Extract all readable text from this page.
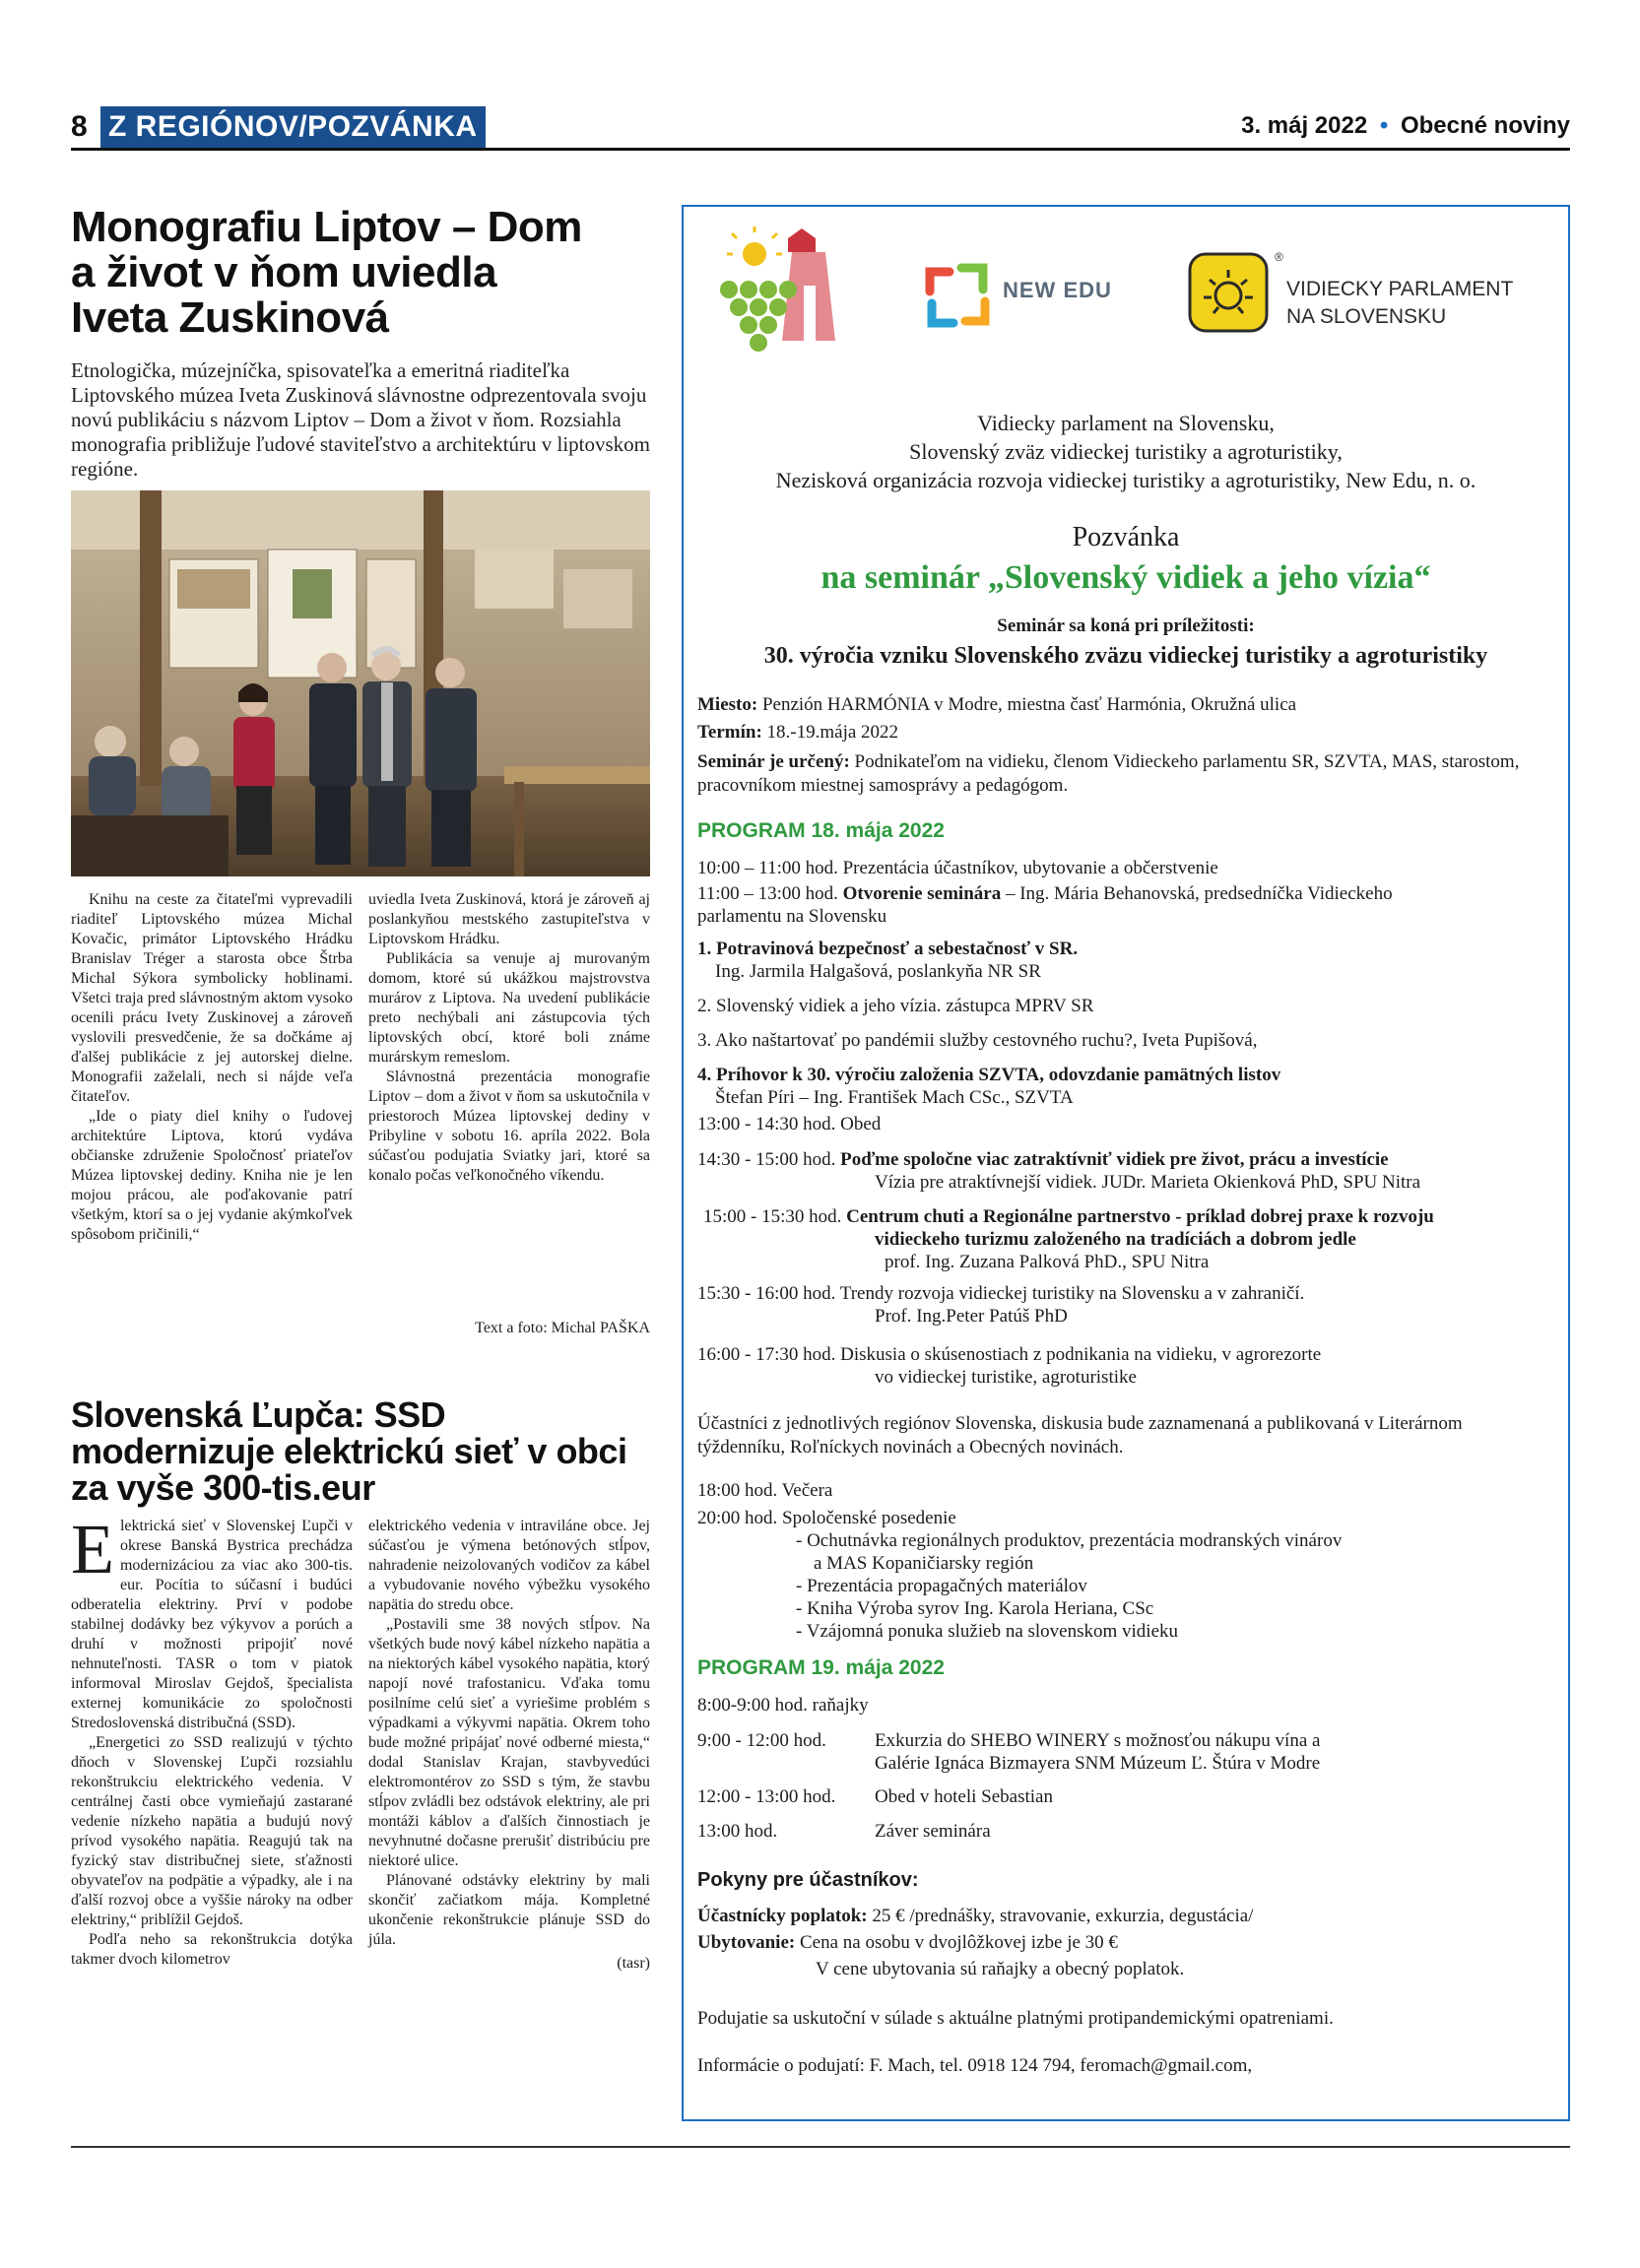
8 Z REGIÓNOV/POZVÁNKA	3. máj 2022 • Obecné noviny
Monografiu Liptov – Dom
a život v ňom uviedla
Iveta Zuskinová

Etnologička, múzejníčka, spisovateľka a emeritná riaditeľka Liptovského múzea Iveta Zuskinová slávnostne odprezentovala svoju novú publikáciu s názvom Liptov – Dom a život v ňom. Rozsiahla monografia približuje ľudové staviteľstvo a architektúru v liptovskom regióne.

Knihu na ceste za čitateľmi vyprevadili riaditeľ Liptovského múzea Michal Kovačic, primátor Liptovského Hrádku Branislav Tréger a starosta obce Štrba Michal Sýkora symbolicky hoblinami. Všetci traja pred slávnostným aktom vysoko ocenili prácu Ivety Zuskinovej a zároveň vyslovili presvedčenie, že sa dočkáme aj ďalšej publikácie z jej autorskej dielne. Monografii zaželali, nech si nájde veľa čitateľov.

„Ide o piaty diel knihy o ľudovej architektúre Liptova, ktorú vydáva občianske združenie Spoločnosť priateľov Múzea liptovskej dediny. Kniha nie je len mojou prácou, ale poďakovanie patrí všetkým, ktorí sa o jej vydanie akýmkoľvek spôsobom pričinili,“

uviedla Iveta Zuskinová, ktorá je zároveň aj poslankyňou mestského zastupiteľstva v Liptovskom Hrádku.

Publikácia sa venuje aj murovaným domom, ktoré sú ukážkou majstrovstva murárov z Liptova. Na uvedení publikácie preto nechýbali ani zástupcovia tých liptovských obcí, ktoré boli známe murárskym remeslom.

Slávnostná prezentácia monografie Liptov – dom a život v ňom sa uskutočnila v priestoroch Múzea liptovskej dediny v Pribyline v sobotu 16. apríla 2022. Bola súčasťou podujatia Sviatky jari, ktoré sa konalo počas veľkonočného víkendu.

Text a foto: Michal PAŠKA
Slovenská Ľupča: SSD
modernizuje elektrickú sieť v obci
za vyše 300-tis.eur

Elektrická sieť v Slovenskej Ľupči v okrese Banská Bystrica prechádza modernizáciou za viac ako 300-tis. eur. Pocítia to súčasní i budúci odberatelia elektriny. Prví v podobe stabilnej dodávky bez výkyvov a porúch a druhí v možnosti pripojiť nové nehnuteľnosti. TASR o tom v piatok informoval Miroslav Gejdoš, špecialista externej komunikácie zo spoločnosti Stredoslovenská distribučná (SSD).

„Energetici zo SSD realizujú v týchto dňoch v Slovenskej Ľupči rozsiahlu rekonštrukciu elektrického vedenia. V centrálnej časti obce vymieňajú zastarané vedenie nízkeho napätia a budujú nový prívod vysokého napätia. Reagujú tak na fyzický stav distribučnej siete, sťažnosti obyvateľov na podpätie a výpadky, ale i na ďalší rozvoj obce a vyššie nároky na odber elektriny,“ priblížil Gejdoš.

Podľa neho sa rekonštrukcia dotýka takmer dvoch kilometrov

elektrického vedenia v intraviláne obce. Jej súčasťou je výmena betónových stĺpov, nahradenie neizolovaných vodičov za kábel a vybudovanie nového výbežku vysokého napätia do stredu obce.

„Postavili sme 38 nových stĺpov. Na všetkých bude nový kábel nízkeho napätia a na niektorých kábel vysokého napätia, ktorý napojí nové trafostanicu. Vďaka tomu posilníme celú sieť a vyriešime problém s výpadkami a výkyvmi napätia. Okrem toho bude možné pripájať nové odberné miesta,“ dodal Stanislav Krajan, stavbyvedúci elektromontérov zo SSD s tým, že stavbu stĺpov zvládli bez odstávok elektriny, ale pri montáži káblov a ďalších činnostiach je nevyhnutné dočasne prerušiť distribúciu pre niektoré ulice.

Plánované odstávky elektriny by mali skončiť začiatkom mája. Kompletné ukončenie rekonštrukcie plánuje SSD do júla.

(tasr)
NEW EDU
®
VIDIECKY PARLAMENT
NA SLOVENSKU
Vidiecky parlament na Slovensku,
Slovenský zväz vidieckej turistiky a agroturistiky,
Nezisková organizácia rozvoja vidieckej turistiky a agroturistiky, New Edu, n. o.
Pozvánka
na seminár „Slovenský vidiek a jeho vízia“
Seminár sa koná pri príležitosti:
30. výročia vzniku Slovenského zväzu vidieckej turistiky a agroturistiky
Miesto: Penzión HARMÓNIA v Modre, miestna časť Harmónia, Okružná ulica
Termín: 18.-19.mája 2022
Seminár je určený: Podnikateľom na vidieku, členom Vidieckeho parlamentu SR, SZVTA, MAS, starostom, pracovníkom miestnej samosprávy a pedagógom.
PROGRAM 18. mája 2022
10:00 – 11:00 hod. Prezentácia účastníkov, ubytovanie a občerstvenie
11:00 – 13:00 hod. Otvorenie seminára – Ing. Mária Behanovská, predsedníčka Vidieckeho
parlamentu na Slovensku
1. Potravinová bezpečnosť a sebestačnosť v SR.
Ing. Jarmila Halgašová, poslankyňa NR SR
2. Slovenský vidiek a jeho vízia. zástupca MPRV SR
3. Ako naštartovať po pandémii služby cestovného ruchu?, Iveta Pupišová,
4. Príhovor k 30. výročiu založenia SZVTA, odovzdanie pamätných listov
Štefan Píri – Ing. František Mach CSc., SZVTA
13:00 - 14:30 hod. Obed
14:30 - 15:00 hod. Poďme spoločne viac zatraktívniť vidiek pre život, prácu a investície
Vízia pre atraktívnejší vidiek. JUDr. Marieta Okienková PhD, SPU Nitra
15:00 - 15:30 hod. Centrum chuti a Regionálne partnerstvo - príklad dobrej praxe k rozvoju
vidieckeho turizmu založeného na tradíciách a dobrom jedle
prof. Ing. Zuzana Palková PhD., SPU Nitra
15:30 - 16:00 hod. Trendy rozvoja vidieckej turistiky na Slovensku a v zahraničí.
Prof. Ing.Peter Patúš PhD
16:00 - 17:30 hod. Diskusia o skúsenostiach z podnikania na vidieku, v agrorezorte
vo vidieckej turistike, agroturistike
Účastníci z jednotlivých regiónov Slovenska, diskusia bude zaznamenaná a publikovaná v Literárnom týždenníku, Roľníckych novinách a Obecných novinách.
18:00 hod. Večera
20:00 hod. Spoločenské posedenie
- Ochutnávka regionálnych produktov, prezentácia modranských vinárov
a MAS Kopaničiarsky región
- Prezentácia propagačných materiálov
- Kniha Výroba syrov Ing. Karola Heriana, CSc
- Vzájomná ponuka služieb na slovenskom vidieku
PROGRAM 19. mája 2022
8:00-9:00 hod. raňajky
9:00 - 12:00 hod.	Exkurzia do SHEBO WINERY s možnosťou nákupu vína a
Galérie Ignáca Bizmayera SNM Múzeum Ľ. Štúra v Modre
12:00 - 13:00 hod. Obed v hoteli Sebastian
13:00 hod.	Záver seminára
Pokyny pre účastníkov:
Účastnícky poplatok: 25 € /prednášky, stravovanie, exkurzia, degustácia/
Ubytovanie: Cena na osobu v dvojlôžkovej izbe je 30 €
V cene ubytovania sú raňajky a obecný poplatok.
Podujatie sa uskutoční v súlade s aktuálne platnými protipandemickými opatreniami.
Informácie o podujatí: F. Mach, tel. 0918 124 794, feromach@gmail.com,
